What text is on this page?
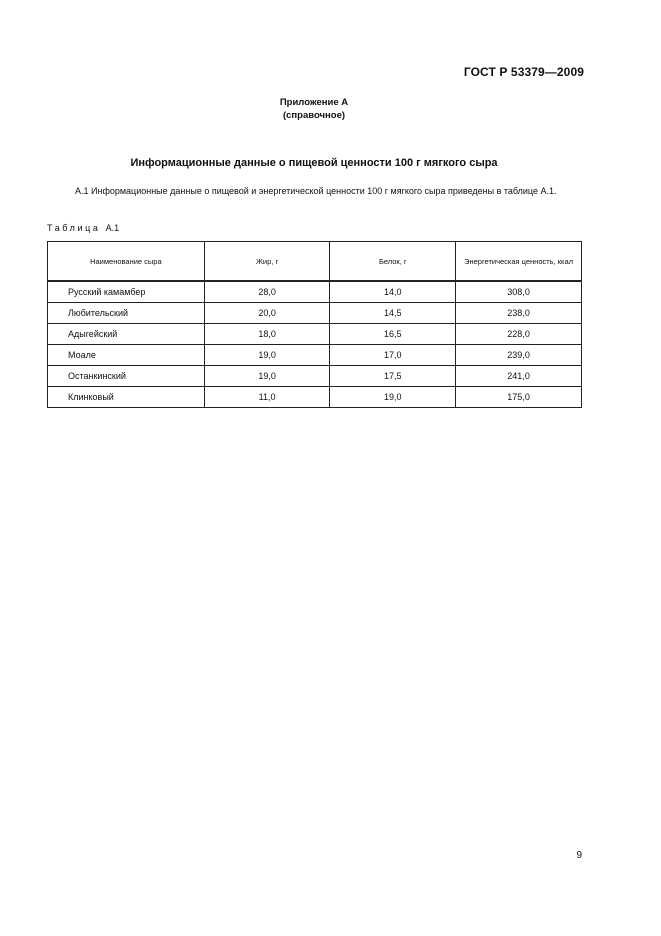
ГОСТ Р 53379—2009
Приложение А
(справочное)
Информационные данные о пищевой ценности 100 г мягкого сыра
А.1 Информационные данные о пищевой и энергетической ценности 100 г мягкого сыра приведены в таблице А.1.
Таблица А.1
Наименование сыра	Жир, г	Белок, г	Энергетическая ценность, ккал
Русский камамбер	28,0	14,0	308,0
Любительский	20,0	14,5	238,0
Адыгейский	18,0	16,5	228,0
Моале	19,0	17,0	239,0
Останкинский	19,0	17,5	241,0
Клинковый	11,0	19,0	175,0
9
